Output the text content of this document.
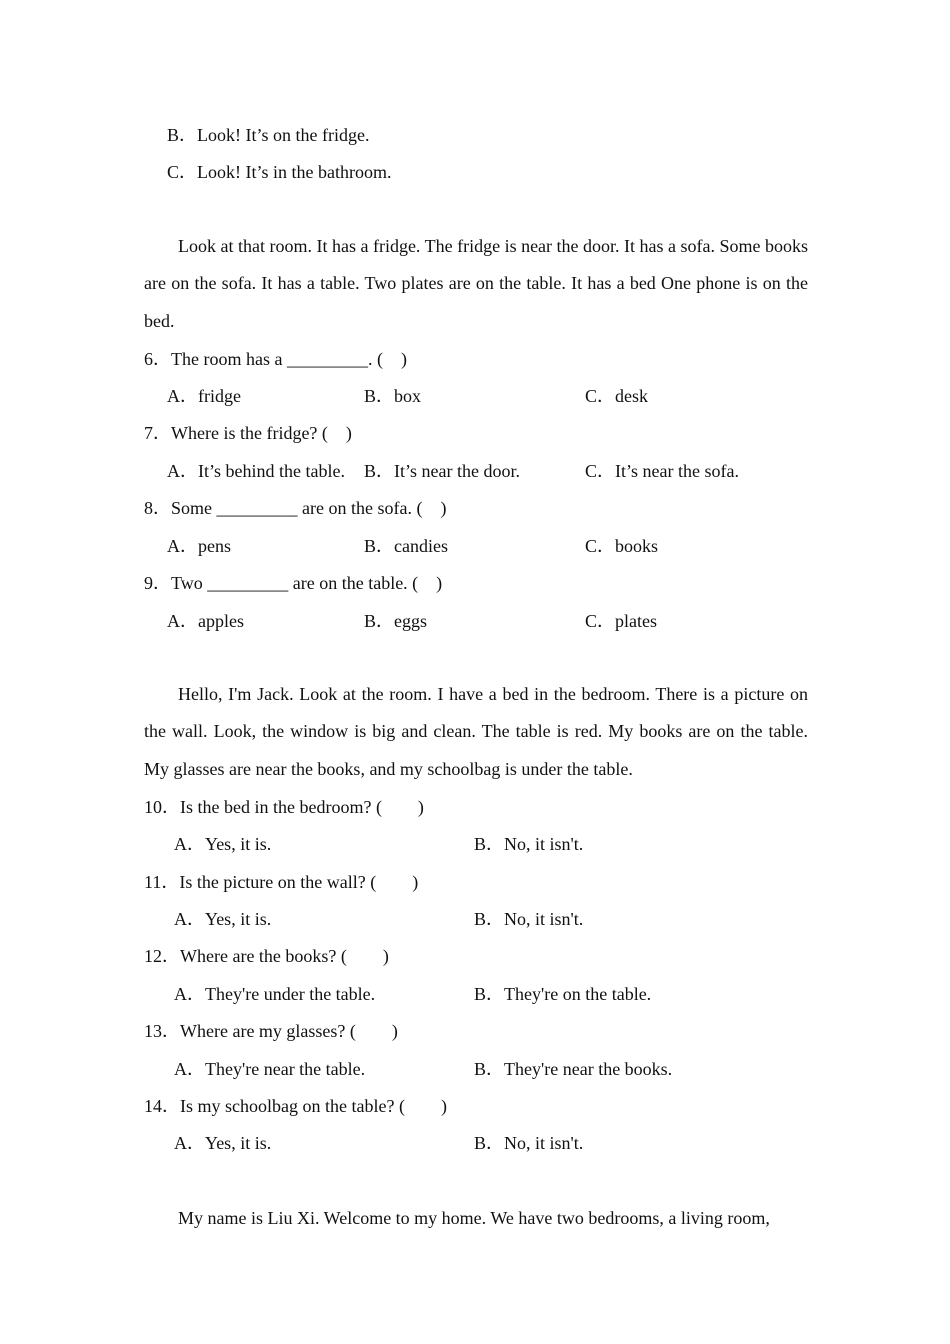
B．Look! It’s on the fridge.
C．Look! It’s in the bathroom.

Look at that room. It has a fridge. The fridge is near the door. It has a sofa. Some books are on the sofa. It has a table. Two plates are on the table. It has a bed One phone is on the bed.

6．The room has a _________. (    )
A．fridge	B．box	C．desk
7．Where is the fridge? (    )
A．It’s behind the table. B．It’s near the door.	C．It’s near the sofa.
8．Some _________ are on the sofa. (    )
A．pens	B．candies	C．books
9．Two _________ are on the table. (    )
A．apples	B．eggs	C．plates

Hello, I'm Jack. Look at the room. I have a bed in the bedroom. There is a picture on the wall. Look, the window is big and clean. The table is red. My books are on the table. My glasses are near the books, and my schoolbag is under the table.

10．Is the bed in the bedroom? (        )
A．Yes, it is.	B．No, it isn't.
11．Is the picture on the wall? (        )
A．Yes, it is.	B．No, it isn't.
12．Where are the books? (        )
A．They're under the table.	B．They're on the table.
13．Where are my glasses? (        )
A．They're near the table.	B．They're near the books.
14．Is my schoolbag on the table? (        )
A．Yes, it is.	B．No, it isn't.
My name is Liu Xi. Welcome to my home. We have two bedrooms, a living room,
